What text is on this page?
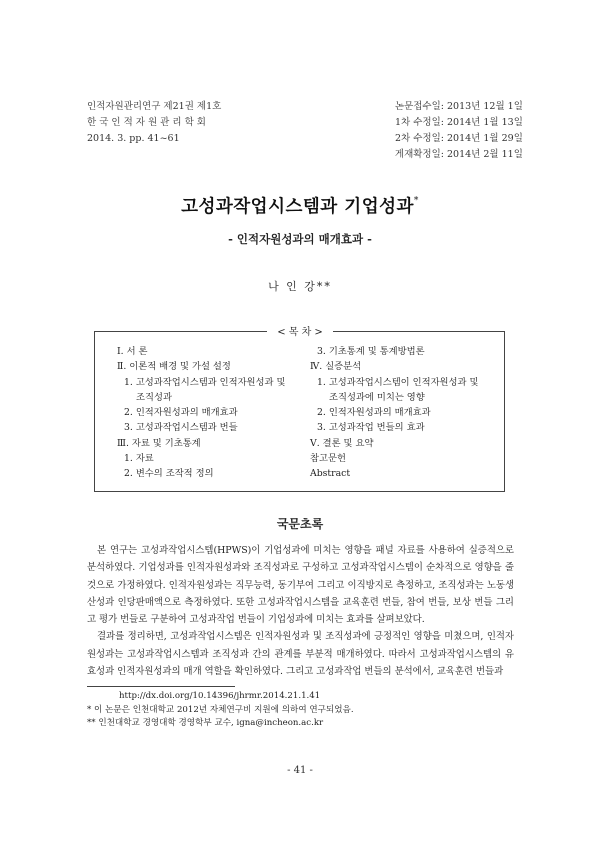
인적자원관리연구 제21권 제1호
한 국 인 적 자 원 관 리 학 회
2014. 3. pp. 41~61
논문접수일: 2013년 12월 1일
1차 수정일: 2014년 1월 13일
2차 수정일: 2014년 1월 29일
게재확정일: 2014년 2월 11일
고성과작업시스템과 기업성과*
- 인적자원성과의 매개효과 -
나 인 강**
< 목 차 >
Ⅰ. 서 론
Ⅱ. 이론적 배경 및 가설 설정
1. 고성과작업시스템과 인적자원성과 및
조직성과
2. 인적자원성과의 매개효과
3. 고성과작업시스템과 번들
Ⅲ. 자료 및 기초통계
1. 자료
2. 변수의 조작적 정의
3. 기초통계 및 통계방법론
Ⅳ. 실증분석
1. 고성과작업시스템이 인적자원성과 및
조직성과에 미치는 영향
2. 인적자원성과의 매개효과
3. 고성과작업 번들의 효과
Ⅴ. 결론 및 요약
참고문헌
Abstract
국문초록

본 연구는 고성과작업시스템(HPWS)이 기업성과에 미치는 영향을 패널 자료를 사용하여 실증적으로 분석하였다. 기업성과를 인적자원성과와 조직성과로 구성하고 고성과작업시스템이 순차적으로 영향을 줄 것으로 가정하였다. 인적자원성과는 직무능력, 동기부여 그리고 이직방지로 측정하고, 조직성과는 노동생산성과 인당판매액으로 측정하였다. 또한 고성과작업시스템을 교육훈련 번들, 참여 번들, 보상 번들 그리고 평가 번들로 구분하여 고성과작업 번들이 기업성과에 미치는 효과를 살펴보았다.

결과를 정리하면, 고성과작업시스템은 인적자원성과 및 조직성과에 긍정적인 영향을 미쳤으며, 인적자원성과는 고성과작업시스템과 조직성과 간의 관계를 부분적 매개하였다. 따라서 고성과작업시스템의 유효성과 인적자원성과의 매개 역할을 확인하였다. 그리고 고성과작업 번들의 분석에서, 교육훈련 번들과

http://dx.doi.org/10.14396/jhrmr.2014.21.1.41
* 이 논문은 인천대학교 2012년 자체연구비 지원에 의하여 연구되었음.
** 인천대학교 경영대학 경영학부 교수, igna@incheon.ac.kr
- 41 -
